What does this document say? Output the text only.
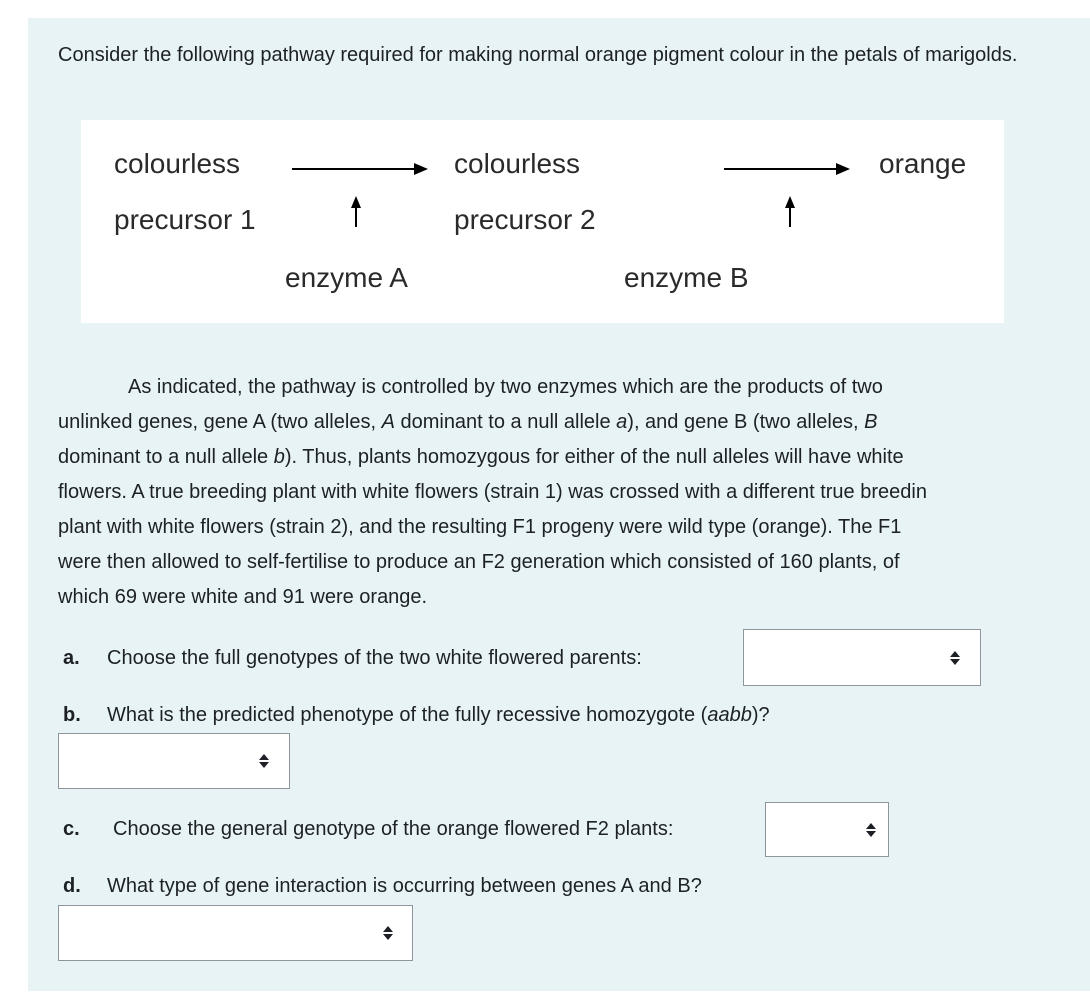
Consider the following pathway required for making normal orange pigment colour in the petals of marigolds.

colourless
precursor 1
colourless
precursor 2
orange
enzyme A	enzyme B

As indicated, the pathway is controlled by two enzymes which are the products of two
unlinked genes, gene A (two alleles, A dominant to a null allele a), and gene B (two alleles, B
dominant to a null allele b). Thus, plants homozygous for either of the null alleles will have white
flowers. A true breeding plant with white flowers (strain 1) was crossed with a different true breedin
plant with white flowers (strain 2), and the resulting F1 progeny were wild type (orange). The F1
were then allowed to self-fertilise to produce an F2 generation which consisted of 160 plants, of
which 69 were white and 91 were orange.

a. Choose the full genotypes of the two white flowered parents:
b. What is the predicted phenotype of the fully recessive homozygote (aabb)?
c. Choose the general genotype of the orange flowered F2 plants:
d. What type of gene interaction is occurring between genes A and B?
